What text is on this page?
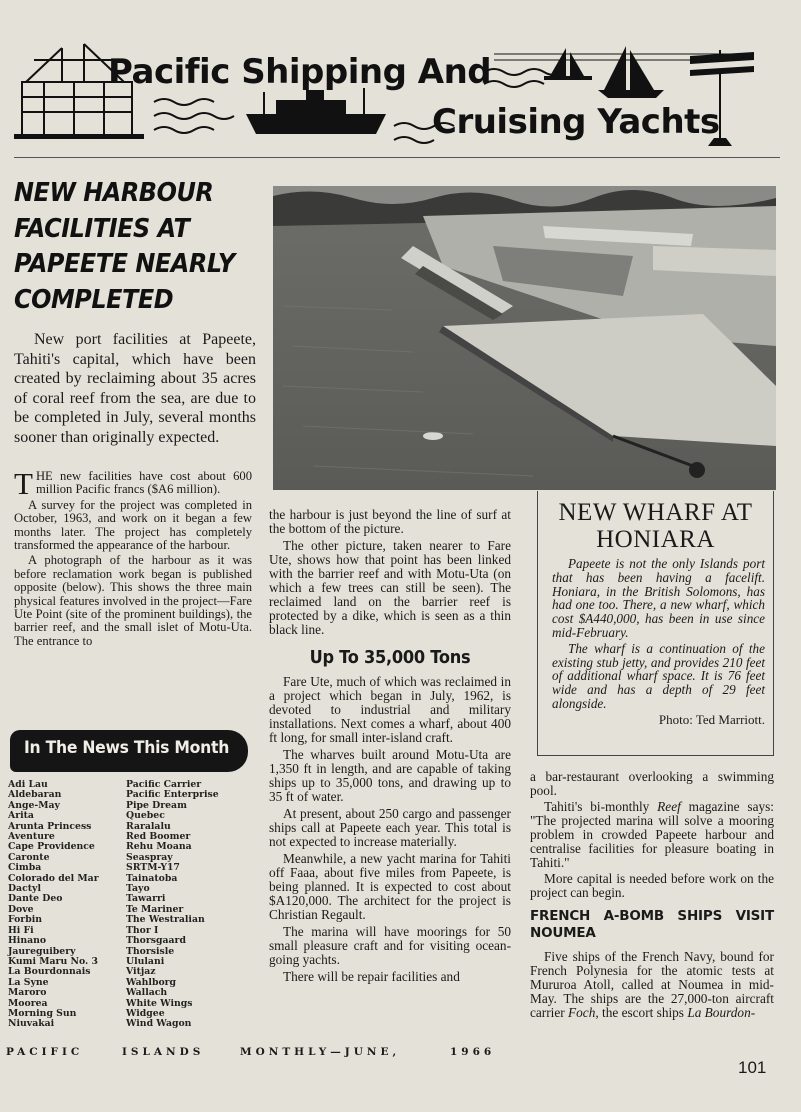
Pacific Shipping And
Cruising Yachts
NEW HARBOUR FACILITIES AT PAPEETE NEARLY COMPLETED
New port facilities at Papeete, Tahiti's capital, which have been created by reclaiming about 35 acres of coral reef from the sea, are due to be completed in July, several months sooner than originally expected.

THE new facilities have cost about 600 million Pacific francs ($A6 million).

A survey for the project was completed in October, 1963, and work on it began a few months later. The project has completely transformed the appearance of the harbour.

A photograph of the harbour as it was before reclamation work began is published opposite (below). This shows the three main physical features involved in the project—Fare Ute Point (site of the prominent buildings), the barrier reef, and the small islet of Motu-Uta. The entrance to

the harbour is just beyond the line of surf at the bottom of the picture.

The other picture, taken nearer to Fare Ute, shows how that point has been linked with the barrier reef and with Motu-Uta (on which a few trees can still be seen). The reclaimed land on the barrier reef is protected by a dike, which is seen as a thin black line.

Up To 35,000 Tons

Fare Ute, much of which was reclaimed in a project which began in July, 1962, is devoted to industrial and military installations. Next comes a wharf, about 400 ft long, for small inter-island craft.

The wharves built around Motu-Uta are 1,350 ft in length, and are capable of taking ships up to 35,000 tons, and drawing up to 35 ft of water.

At present, about 250 cargo and passenger ships call at Papeete each year. This total is not expected to increase materially.

Meanwhile, a new yacht marina for Tahiti off Faaa, about five miles from Papeete, is being planned. It is expected to cost about $A120,000. The architect for the project is Christian Regault.

The marina will have moorings for 50 small pleasure craft and for visiting ocean-going yachts.

There will be repair facilities and

NEW WHARF AT HONIARA

Papeete is not the only Islands port that has been having a facelift. Honiara, in the British Solomons, has had one too. There, a new wharf, which cost $A440,000, has been in use since mid-February.

The wharf is a continuation of the existing stub jetty, and provides 210 feet of additional wharf space. It is 76 feet wide and has a depth of 29 feet alongside.

Photo: Ted Marriott.

a bar-restaurant overlooking a swimming pool.

Tahiti's bi-monthly Reef magazine says: "The projected marina will solve a mooring problem in crowded Papeete harbour and centralise facilities for pleasure boating in Tahiti."

More capital is needed before work on the project can begin.

FRENCH A-BOMB SHIPS VISIT NOUMEA

Five ships of the French Navy, bound for French Polynesia for the atomic tests at Mururoa Atoll, called at Noumea in mid-May. The ships are the 27,000-ton aircraft carrier Foch, the escort ships La Bourdon-

In The News This Month
Adi Lau
Aldebaran
Ange-May
Arita
Arunta Princess
Aventure
Cape Providence
Caronte
Cimba
Colorado del Mar
Dactyl
Dante Deo
Dove
Forbin
Hi Fi
Hinano
Jaureguibery
Kumi Maru No. 3
La Bourdonnais
La Syne
Maroro
Moorea
Morning Sun
Niuvakai
Pacific Carrier
Pacific Enterprise
Pipe Dream
Quebec
Raralalu
Red Boomer
Rehu Moana
Seaspray
SRTM-Y17
Tainatoba
Tayo
Tawarri
Te Mariner
The Westralian
Thor I
Thorsgaard
Thorsisle
Ululani
Vitjaz
Wahlborg
Wallach
White Wings
Widgee
Wind Wagon
PACIFIC	ISLANDS	MONTHLY—JUNE,	1966
101
